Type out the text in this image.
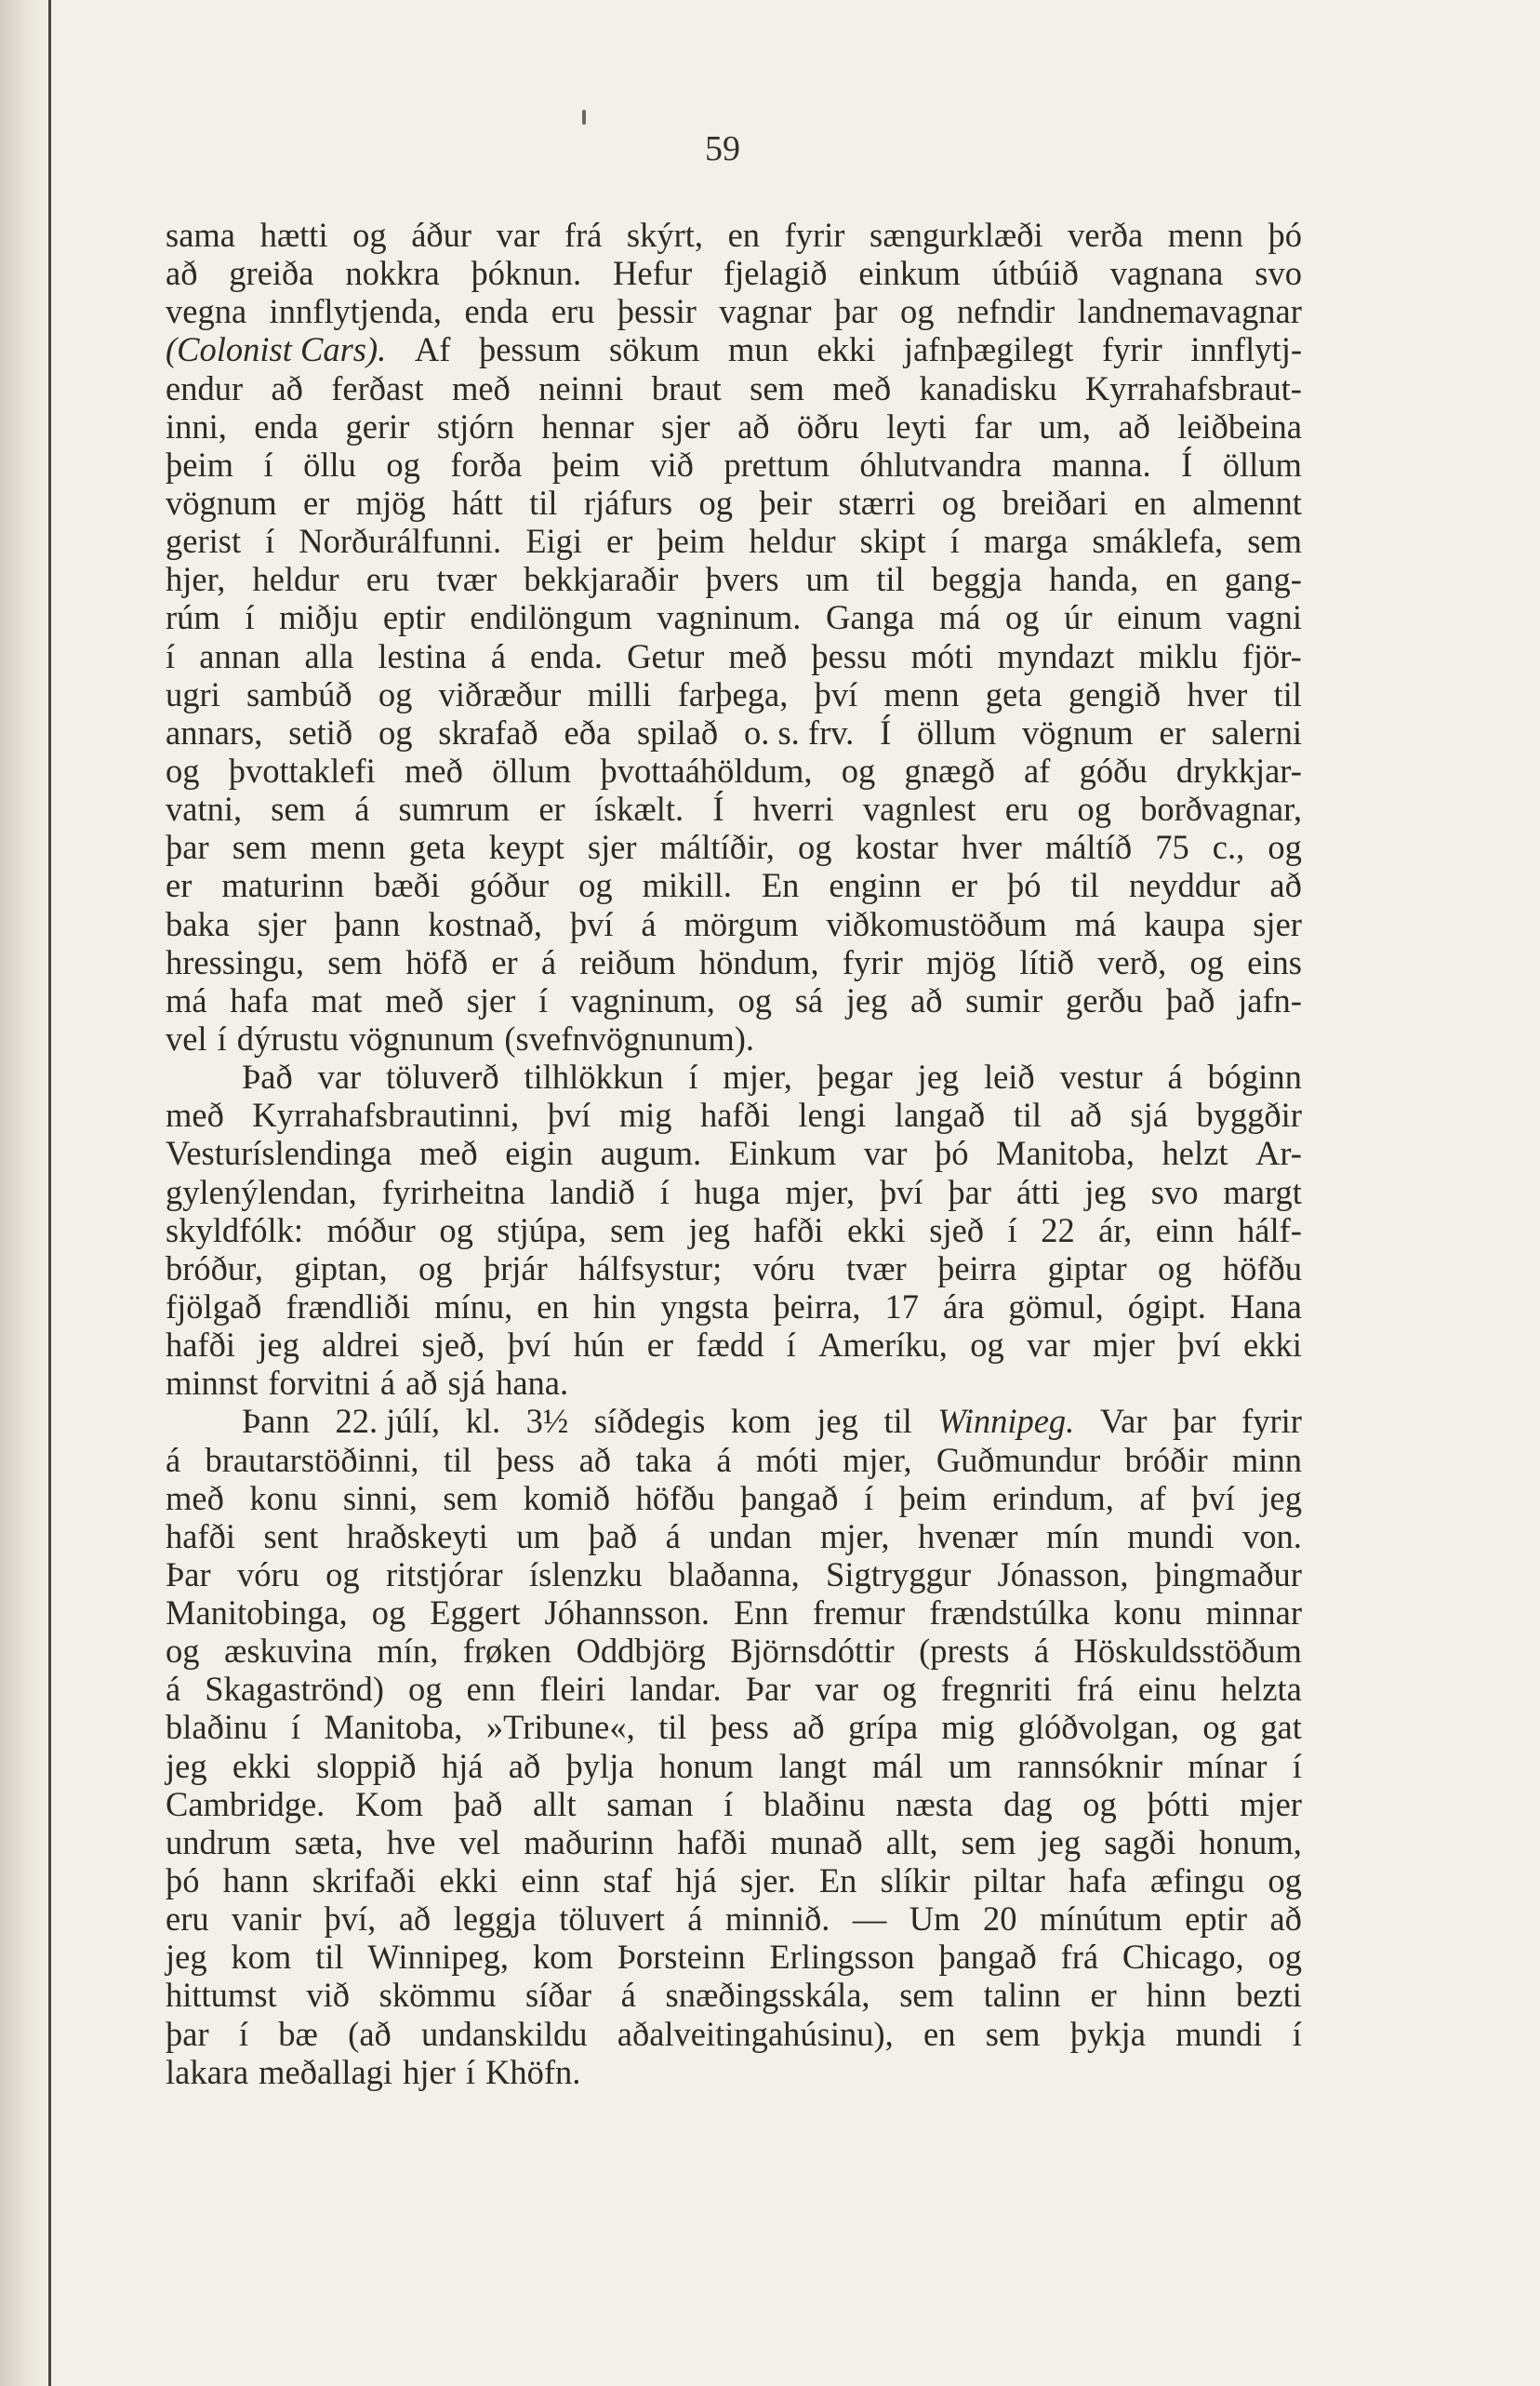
59
sama hætti og áður var frá skýrt, en fyrir sængurklæði verða menn þó
að greiða nokkra þóknun. Hefur fjelagið einkum útbúið vagnana svo
vegna innflytjenda, enda eru þessir vagnar þar og nefndir landnemavagnar
(Colonist Cars). Af þessum sökum mun ekki jafnþægilegt fyrir innflytj-
endur að ferðast með neinni braut sem með kanadisku Kyrrahafsbraut-
inni, enda gerir stjórn hennar sjer að öðru leyti far um, að leiðbeina
þeim í öllu og forða þeim við prettum óhlutvandra manna. Í öllum
vögnum er mjög hátt til rjáfurs og þeir stærri og breiðari en almennt
gerist í Norðurálfunni. Eigi er þeim heldur skipt í marga smáklefa, sem
hjer, heldur eru tvær bekkjaraðir þvers um til beggja handa, en gang-
rúm í miðju eptir endilöngum vagninum. Ganga má og úr einum vagni
í annan alla lestina á enda. Getur með þessu móti myndazt miklu fjör-
ugri sambúð og viðræður milli farþega, því menn geta gengið hver til
annars, setið og skrafað eða spilað o. s. frv. Í öllum vögnum er salerni
og þvottaklefi með öllum þvottaáhöldum, og gnægð af góðu drykkjar-
vatni, sem á sumrum er ískælt. Í hverri vagnlest eru og borðvagnar,
þar sem menn geta keypt sjer máltíðir, og kostar hver máltíð 75 c., og
er maturinn bæði góður og mikill. En enginn er þó til neyddur að
baka sjer þann kostnað, því á mörgum viðkomustöðum má kaupa sjer
hressingu, sem höfð er á reiðum höndum, fyrir mjög lítið verð, og eins
má hafa mat með sjer í vagninum, og sá jeg að sumir gerðu það jafn-
vel í dýrustu vögnunum (svefnvögnunum).
Það var töluverð tilhlökkun í mjer, þegar jeg leið vestur á bóginn
með Kyrrahafsbrautinni, því mig hafði lengi langað til að sjá byggðir
Vesturíslendinga með eigin augum. Einkum var þó Manitoba, helzt Ar-
gylenýlendan, fyrirheitna landið í huga mjer, því þar átti jeg svo margt
skyldfólk: móður og stjúpa, sem jeg hafði ekki sjeð í 22 ár, einn hálf-
bróður, giptan, og þrjár hálfsystur; vóru tvær þeirra giptar og höfðu
fjölgað frændliði mínu, en hin yngsta þeirra, 17 ára gömul, ógipt. Hana
hafði jeg aldrei sjeð, því hún er fædd í Ameríku, og var mjer því ekki
minnst forvitni á að sjá hana.
Þann 22. júlí, kl. 3½ síðdegis kom jeg til Winnipeg. Var þar fyrir
á brautarstöðinni, til þess að taka á móti mjer, Guðmundur bróðir minn
með konu sinni, sem komið höfðu þangað í þeim erindum, af því jeg
hafði sent hraðskeyti um það á undan mjer, hvenær mín mundi von.
Þar vóru og ritstjórar íslenzku blaðanna, Sigtryggur Jónasson, þingmaður
Manitobinga, og Eggert Jóhannsson. Enn fremur frændstúlka konu minnar
og æskuvina mín, frøken Oddbjörg Björnsdóttir (prests á Höskuldsstöðum
á Skagaströnd) og enn fleiri landar. Þar var og fregnriti frá einu helzta
blaðinu í Manitoba, »Tribune«, til þess að grípa mig glóðvolgan, og gat
jeg ekki sloppið hjá að þylja honum langt mál um rannsóknir mínar í
Cambridge. Kom það allt saman í blaðinu næsta dag og þótti mjer
undrum sæta, hve vel maðurinn hafði munað allt, sem jeg sagði honum,
þó hann skrifaði ekki einn staf hjá sjer. En slíkir piltar hafa æfingu og
eru vanir því, að leggja töluvert á minnið. — Um 20 mínútum eptir að
jeg kom til Winnipeg, kom Þorsteinn Erlingsson þangað frá Chicago, og
hittumst við skömmu síðar á snæðingsskála, sem talinn er hinn bezti
þar í bæ (að undanskildu aðalveitingahúsinu), en sem þykja mundi í
lakara meðallagi hjer í Khöfn.
